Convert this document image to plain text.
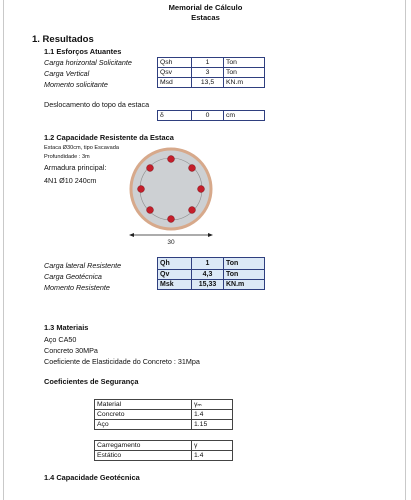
Memorial de Cálculo
Estacas
1. Resultados
1.1 Esforços Atuantes
Carga horizontal Solicitante
Carga Vertical
Momento solicitante
Qsh	1	Ton
Qsv	3	Ton
Msd	13,5	KN.m
Deslocamento do topo da estaca
δ	0	cm
1.2 Capacidade Resistente da Estaca
Estaca Ø30cm, tipo Escavada
Profundidade : 3m
Armadura principal:
4N1 Ø10 240cm
30
Carga lateral Resistente
Carga Geotécnica
Momento Resistente
Qh	1	Ton
Qv	4,3	Ton
Msk	15,33	KN.m
1.3 Materiais
Aço CA50
Concreto 30MPa
Coeficiente de Elasticidade do Concreto : 31Mpa
Coeficientes de Segurança
Material	γₘ
Concreto	1.4
Aço	1.15
Carregamento	γ
Estático	1.4
1.4 Capacidade Geotécnica
